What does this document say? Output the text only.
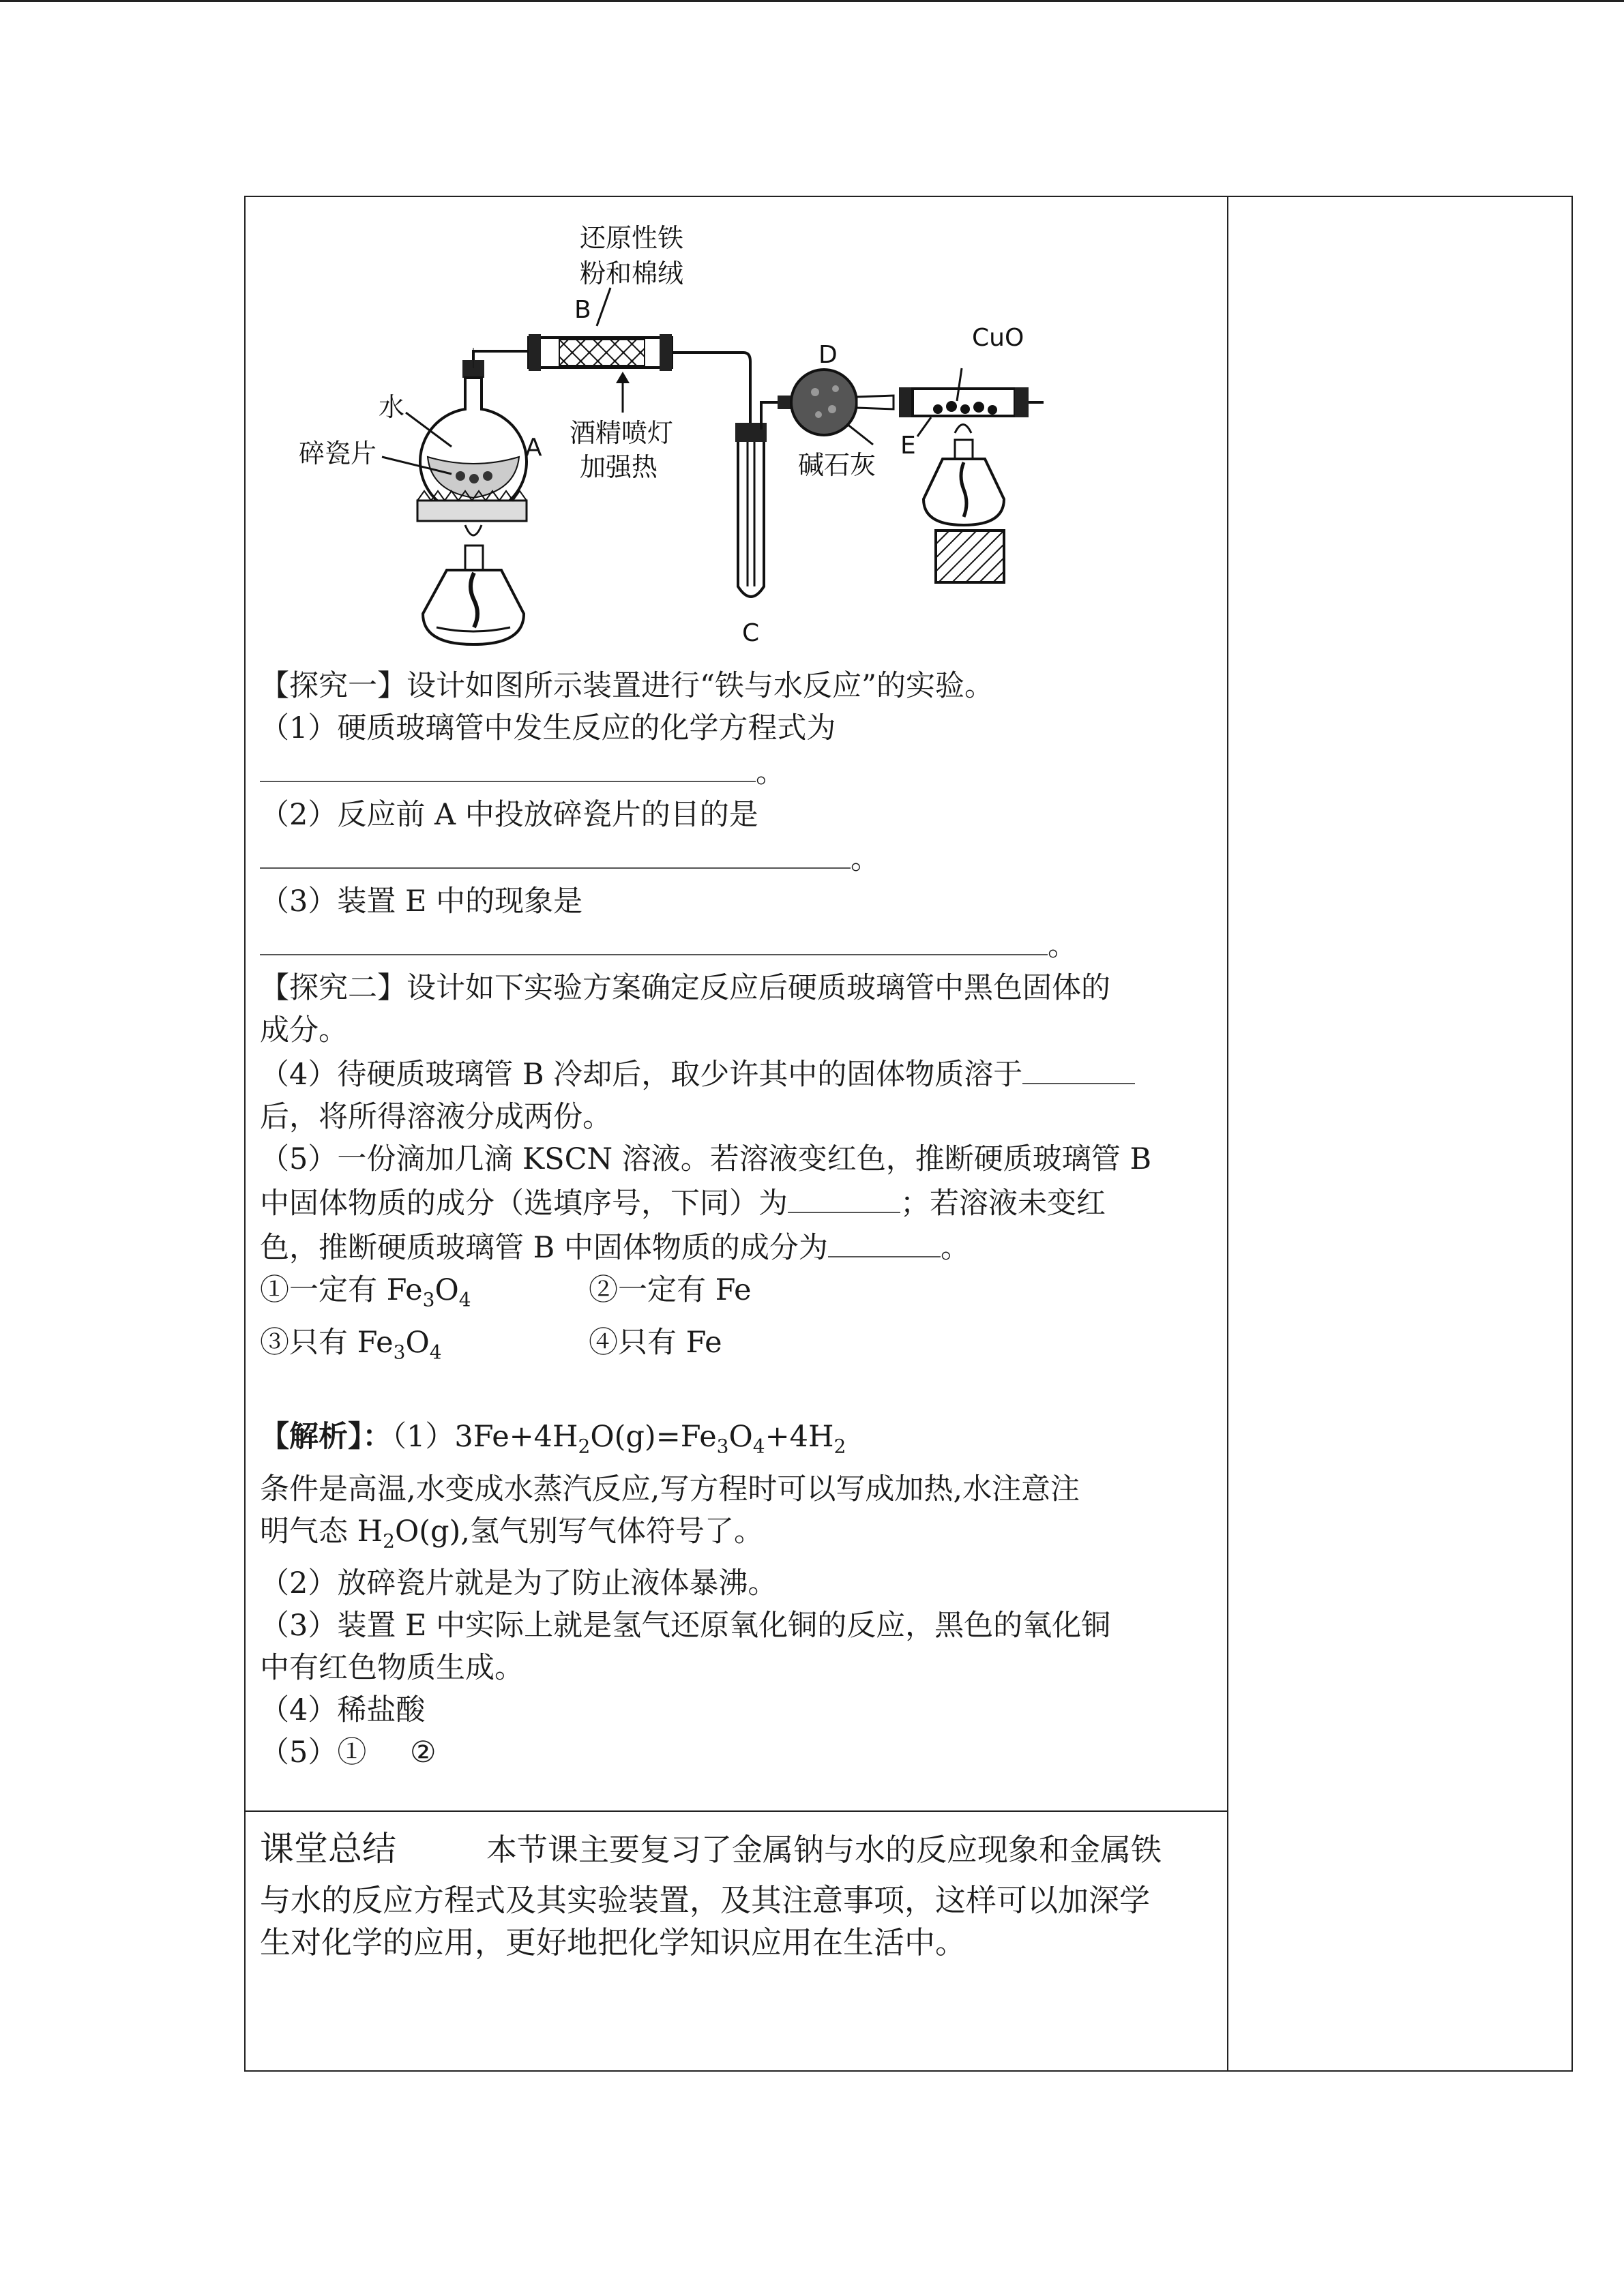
还原性铁
粉和棉绒
B
水
碎瓷片	A 酒精喷灯
加强热
C
D
碱石灰
CuO
E

【探究一】设计如图所示装置进行“铁与水反应”的实验。

（1）硬质玻璃管中发生反应的化学方程式为

。

（2）反应前 A 中投放碎瓷片的目的是

。

（3）装置 E 中的现象是

。

【探究二】设计如下实验方案确定反应后硬质玻璃管中黑色固体的

成分。

（4）待硬质玻璃管 B 冷却后，取少许其中的固体物质溶于

后，将所得溶液分成两份。

（5）一份滴加几滴 KSCN 溶液。若溶液变红色，推断硬质玻璃管 B

中固体物质的成分（选填序号，下同）为	；若溶液未变红

色，推断硬质玻璃管 B 中固体物质的成分为	。

①一定有 $Fe_3O_4$	②一定有 Fe

③只有 $Fe_3O_4$	④只有 Fe

【解析】：$(1)3Fe+4H_2O(g)=Fe_3O_4+4H_2$

条件是高温,水变成水蒸汽反应,写方程时可以写成加热,水注意注

明气态 $H_2O(g)$,氢气别写气体符号了。

（2）放碎瓷片就是为了防止液体暴沸。

（3）装置 E 中实际上就是氢气还原氧化铜的反应，黑色的氧化铜

中有红色物质生成。

（4）稀盐酸

（5）① ②

课堂总结	本节课主要复习了金属钠与水的反应现象和金属铁

与水的反应方程式及其实验装置，及其注意事项，这样可以加深学

生对化学的应用，更好地把化学知识应用在生活中。
